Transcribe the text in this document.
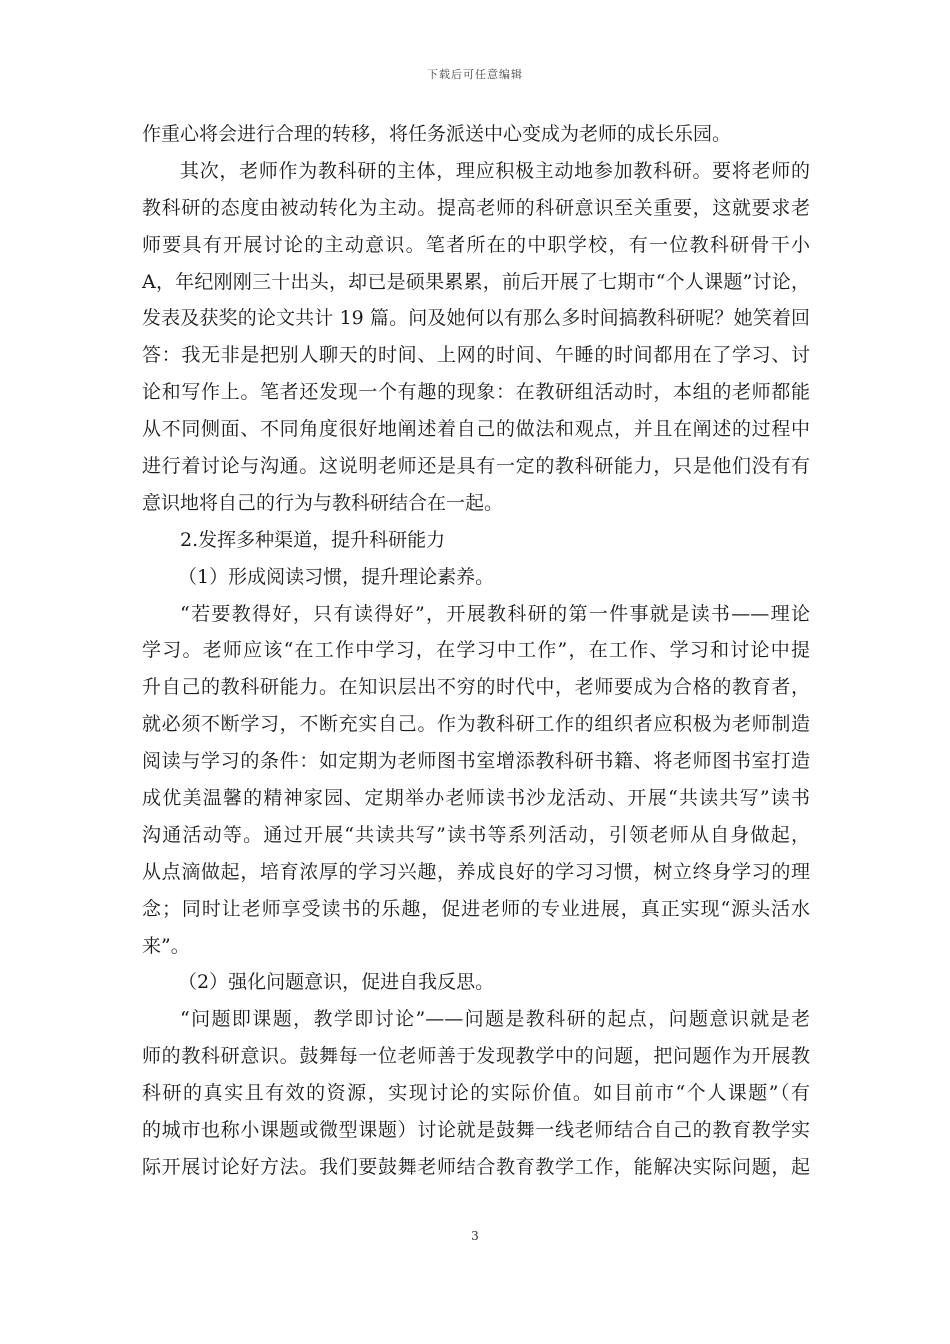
下载后可任意编辑
作重心将会进行合理的转移，将任务派送中心变成为老师的成长乐园。
其次，老师作为教科研的主体，理应积极主动地参加教科研。要将老师的
教科研的态度由被动转化为主动。提高老师的科研意识至关重要，这就要求老
师要具有开展讨论的主动意识。笔者所在的中职学校，有一位教科研骨干小
A，年纪刚刚三十出头，却已是硕果累累，前后开展了七期市“个人课题”讨论，
发表及获奖的论文共计 19 篇。问及她何以有那么多时间搞教科研呢？她笑着回
答：我无非是把别人聊天的时间、上网的时间、午睡的时间都用在了学习、讨
论和写作上。笔者还发现一个有趣的现象：在教研组活动时，本组的老师都能
从不同侧面、不同角度很好地阐述着自己的做法和观点，并且在阐述的过程中
进行着讨论与沟通。这说明老师还是具有一定的教科研能力，只是他们没有有
意识地将自己的行为与教科研结合在一起。
2.发挥多种渠道，提升科研能力
（1）形成阅读习惯，提升理论素养。
“若要教得好，只有读得好”，开展教科研的第一件事就是读书——理论
学习。老师应该“在工作中学习，在学习中工作”，在工作、学习和讨论中提
升自己的教科研能力。在知识层出不穷的时代中，老师要成为合格的教育者，
就必须不断学习，不断充实自己。作为教科研工作的组织者应积极为老师制造
阅读与学习的条件：如定期为老师图书室增添教科研书籍、将老师图书室打造
成优美温馨的精神家园、定期举办老师读书沙龙活动、开展“共读共写”读书
沟通活动等。通过开展“共读共写”读书等系列活动，引领老师从自身做起，
从点滴做起，培育浓厚的学习兴趣，养成良好的学习习惯，树立终身学习的理
念；同时让老师享受读书的乐趣，促进老师的专业进展，真正实现“源头活水
来”。
（2）强化问题意识，促进自我反思。
“问题即课题，教学即讨论”——问题是教科研的起点，问题意识就是老
师的教科研意识。鼓舞每一位老师善于发现教学中的问题，把问题作为开展教
科研的真实且有效的资源，实现讨论的实际价值。如目前市“个人课题”（有
的城市也称小课题或微型课题）讨论就是鼓舞一线老师结合自己的教育教学实
际开展讨论好方法。我们要鼓舞老师结合教育教学工作，能解决实际问题，起
3
